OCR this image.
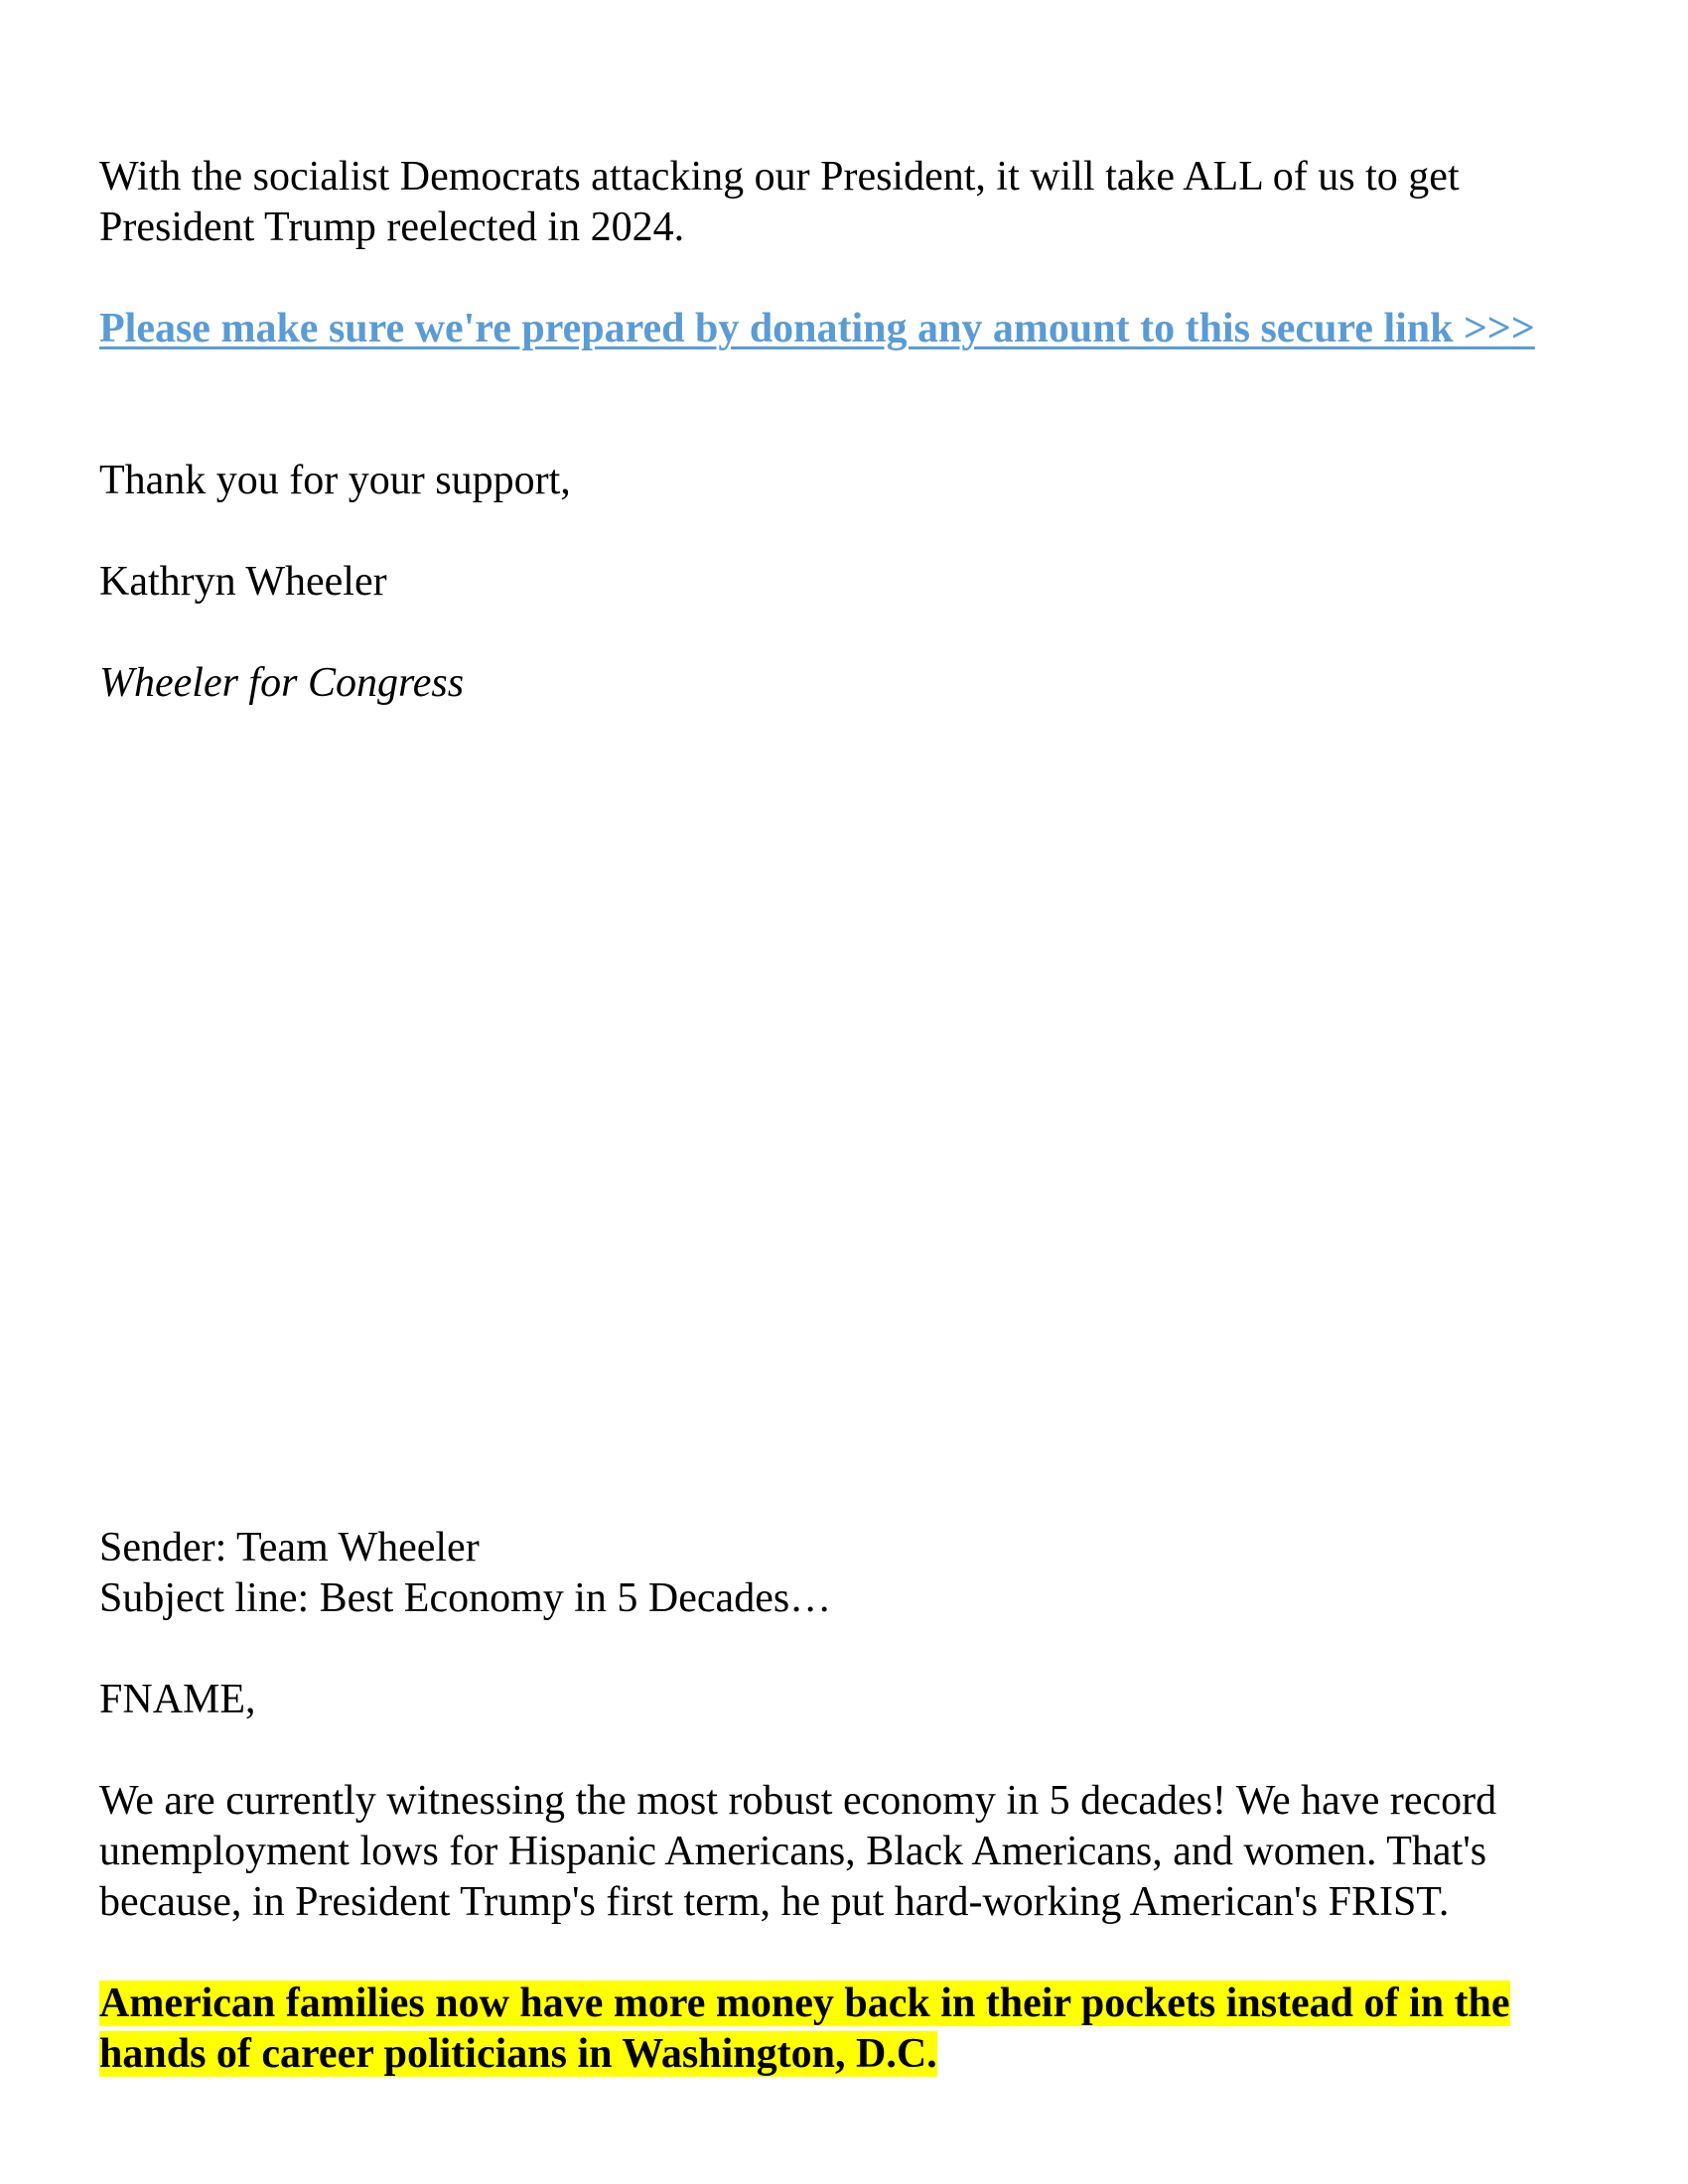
With the socialist Democrats attacking our President, it will take ALL of us to get President Trump reelected in 2024.

Please make sure we're prepared by donating any amount to this secure link >>>

Thank you for your support,

Kathryn Wheeler

Wheeler for Congress

Sender: Team Wheeler

Subject line: Best Economy in 5 Decades…

FNAME,

We are currently witnessing the most robust economy in 5 decades! We have record unemployment lows for Hispanic Americans, Black Americans, and women. That's because, in President Trump's first term, he put hard-working American's FRIST.

American families now have more money back in their pockets instead of in the hands of career politicians in Washington, D.C.
